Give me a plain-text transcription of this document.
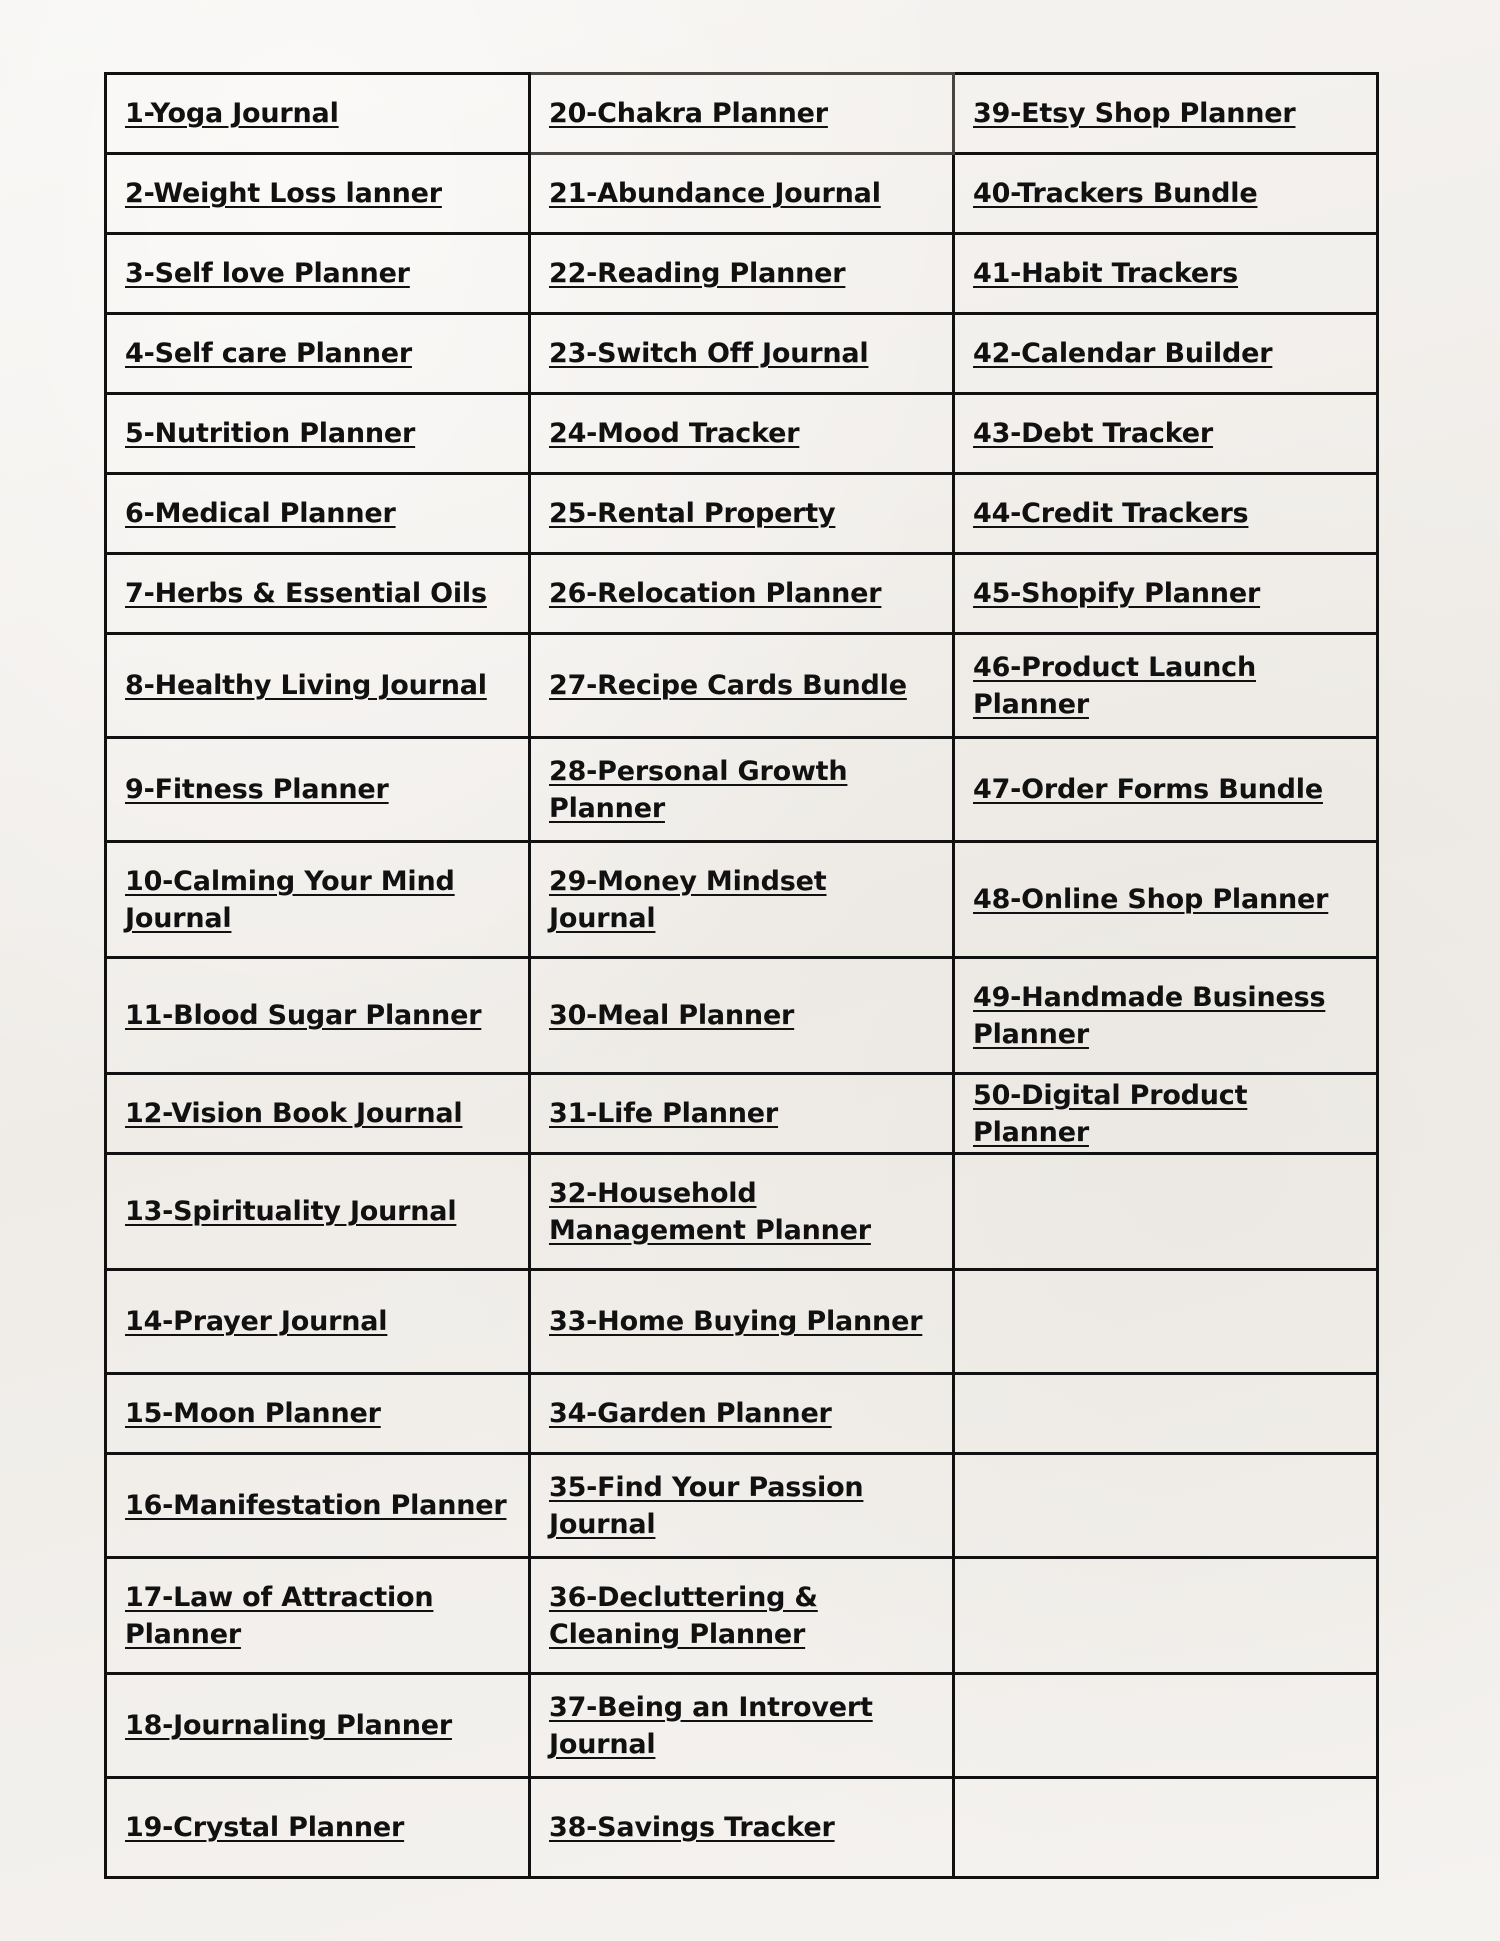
1-Yoga Journal	20-Chakra Planner	39-Etsy Shop Planner
2-Weight Loss lanner	21-Abundance Journal	40-Trackers Bundle
3-Self love Planner	22-Reading Planner	41-Habit Trackers
4-Self care Planner	23-Switch Off Journal	42-Calendar Builder
5-Nutrition Planner	24-Mood Tracker	43-Debt Tracker
6-Medical Planner	25-Rental Property	44-Credit Trackers
7-Herbs & Essential Oils	26-Relocation Planner	45-Shopify Planner
8-Healthy Living Journal	27-Recipe Cards Bundle	46-Product Launch Planner
9-Fitness Planner	28-Personal Growth Planner	47-Order Forms Bundle
10-Calming Your Mind Journal	29-Money Mindset Journal	48-Online Shop Planner
11-Blood Sugar Planner	30-Meal Planner	49-Handmade Business Planner
12-Vision Book Journal	31-Life Planner	50-Digital Product Planner
13-Spirituality Journal	32-Household Management Planner	
14-Prayer Journal	33-Home Buying Planner	
15-Moon Planner	34-Garden Planner	
16-Manifestation Planner	35-Find Your Passion Journal	
17-Law of Attraction Planner	36-Decluttering & Cleaning Planner	
18-Journaling Planner	37-Being an Introvert Journal	
19-Crystal Planner	38-Savings Tracker	
